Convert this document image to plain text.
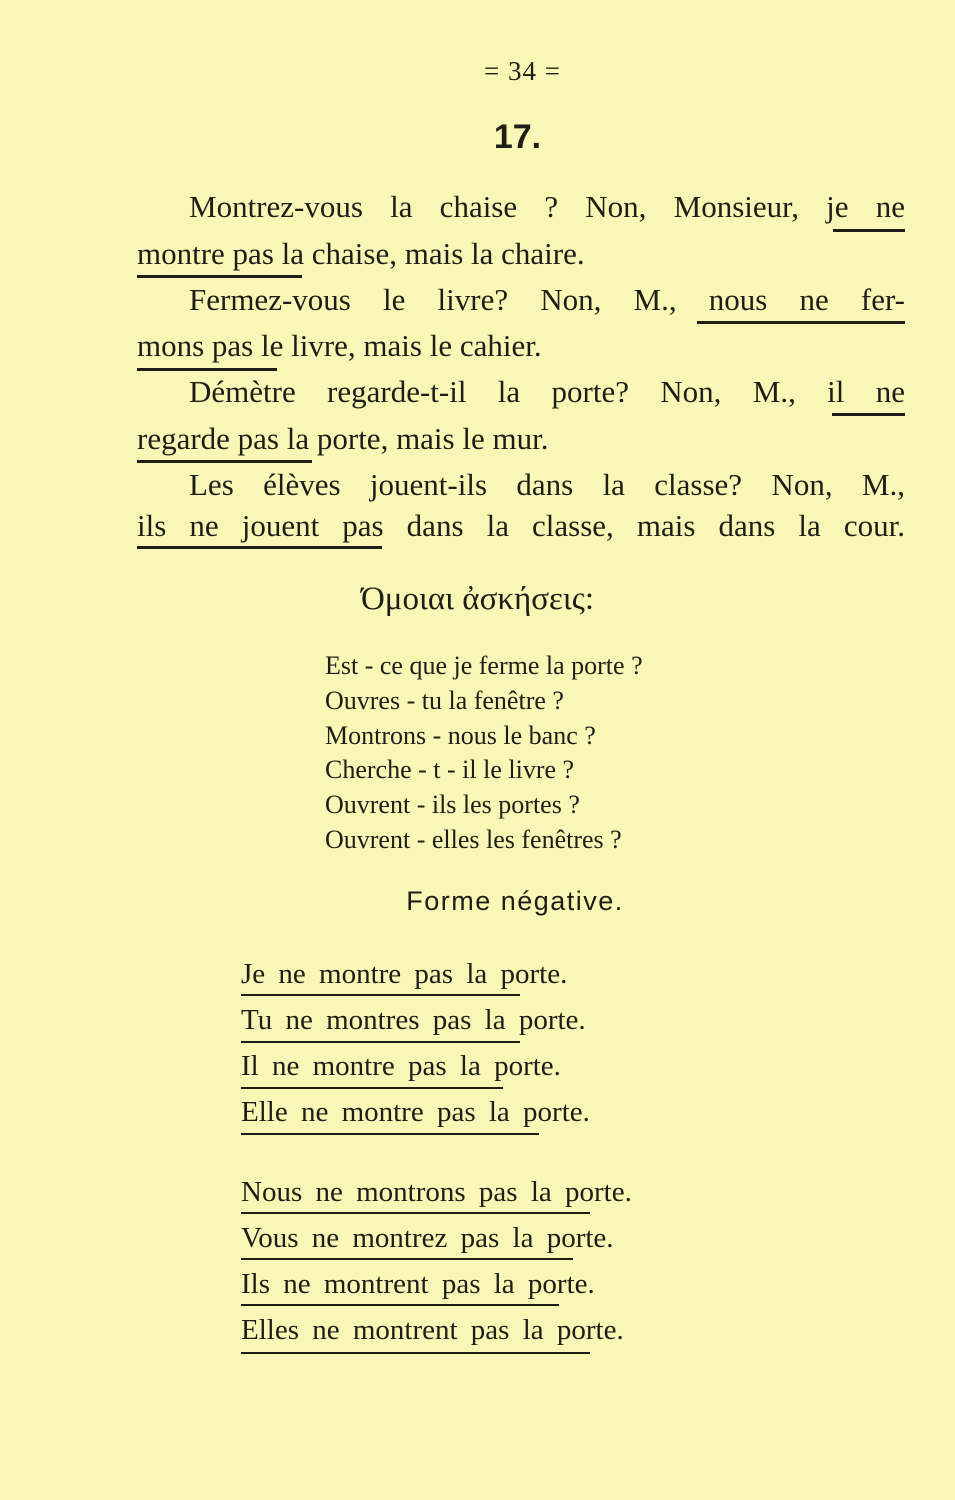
= 34 =
17.
Montrez-vous la chaise ? Non, Monsieur, je ne
montre pas la chaise, mais la chaire.
Fermez-vous le livre? Non, M., nous ne fer-
mons pas le livre, mais le cahier.
Démètre regarde-t-il la porte? Non, M., il ne
regarde pas la porte, mais le mur.
Les élèves jouent-ils dans la classe? Non, M.,
ils ne jouent pas dans la classe, mais dans la cour.
Όμοιαι ἀσκήσεις:
Est - ce que je ferme la porte ?
Ouvres - tu la fenêtre ?
Montrons - nous le banc ?
Cherche - t - il le livre ?
Ouvrent - ils les portes ?
Ouvrent - elles les fenêtres ?
Forme négative.
Je ne montre pas la porte.
Tu ne montres pas la porte.
Il ne montre pas la porte.
Elle ne montre pas la porte.
Nous ne montrons pas la porte.
Vous ne montrez pas la porte.
Ils ne montrent pas la porte.
Elles ne montrent pas la porte.
